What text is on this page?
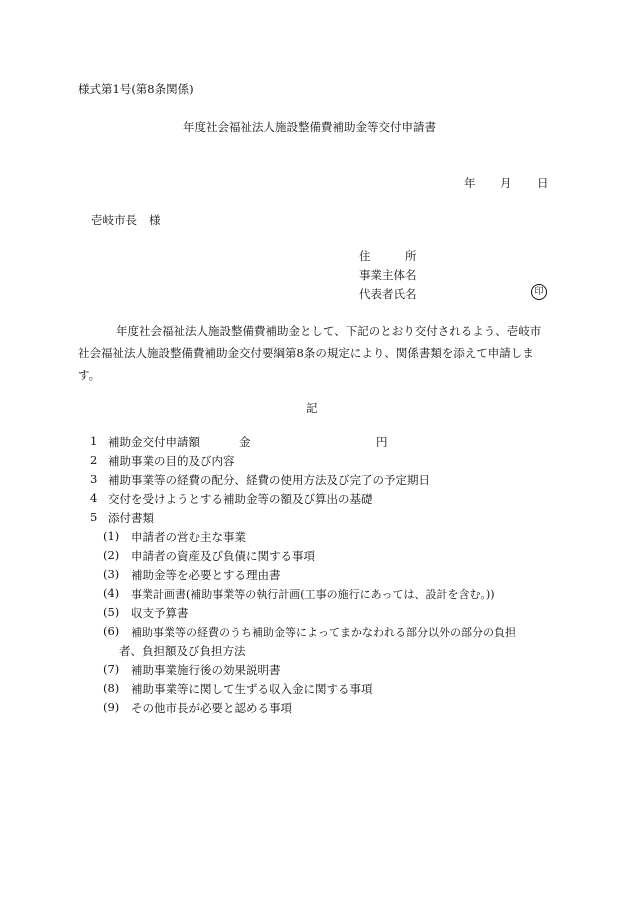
様式第1号(第8条関係)
年度社会福祉法人施設整備費補助金等交付申請書
年 月 日
壱岐市長 様
住	所
事業主体名
代表者氏名	印
年度社会福祉法人施設整備費補助金として、下記のとおり交付されるよう、壱岐市社会福祉法人施設整備費補助金交付要綱第8条の規定により、関係書類を添えて申請します。
記
1 補助金交付申請額	金	円
2 補助事業の目的及び内容
3 補助事業等の経費の配分、経費の使用方法及び完了の予定期日
4 交付を受けようとする補助金等の額及び算出の基礎
5 添付書類
(1) 申請者の営む主な事業
(2) 申請者の資産及び負債に関する事項
(3) 補助金等を必要とする理由書
(4) 事業計画書(補助事業等の執行計画(工事の施行にあっては、設計を含む。))
(5) 収支予算書
(6) 補助事業等の経費のうち補助金等によってまかなわれる部分以外の部分の負担
者、負担額及び負担方法
(7) 補助事業施行後の効果説明書
(8) 補助事業等に関して生ずる収入金に関する事項
(9) その他市長が必要と認める事項
